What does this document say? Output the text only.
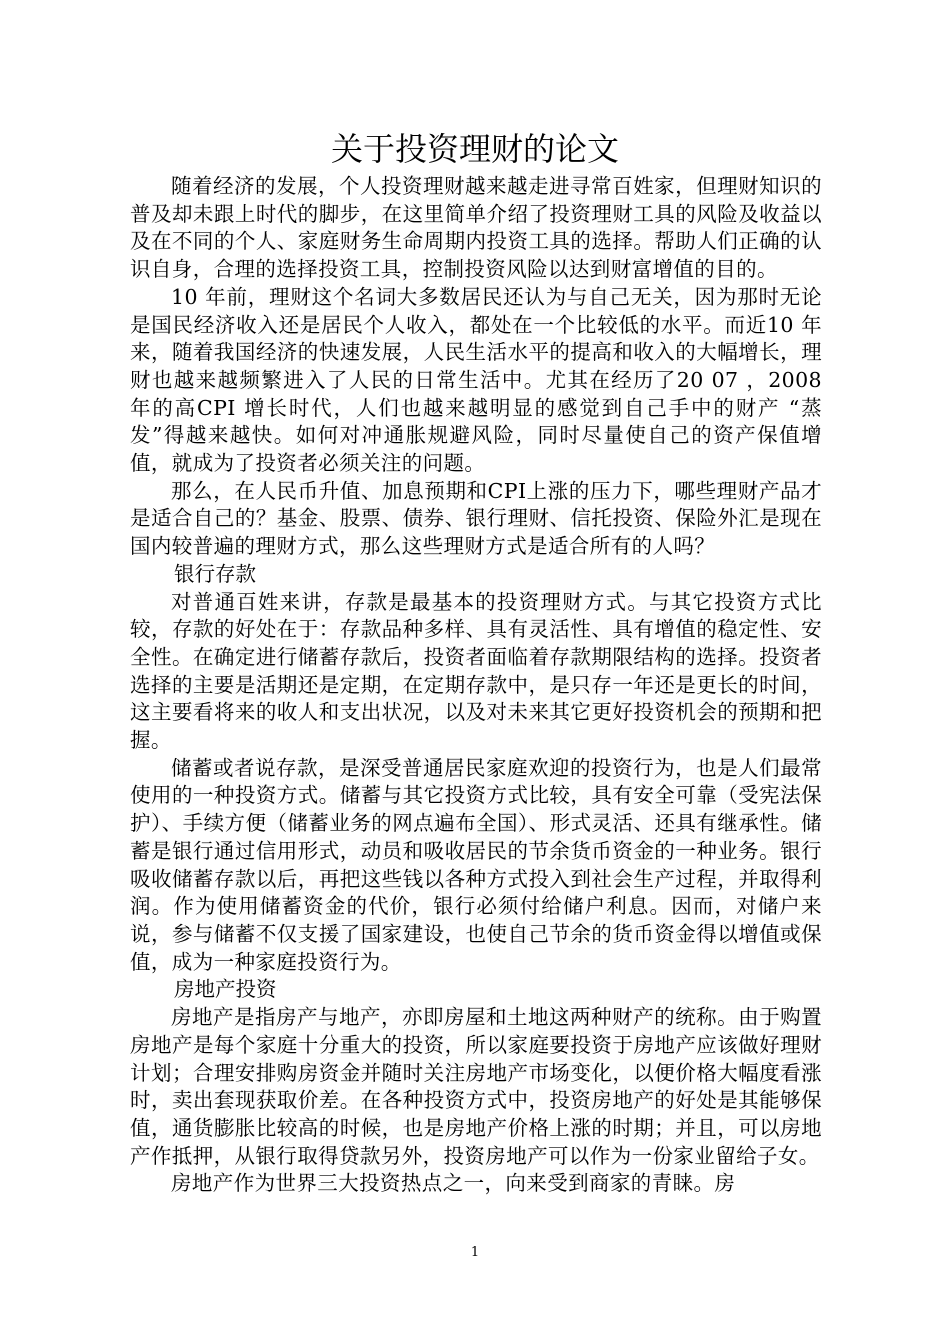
关于投资理财的论文

随着经济的发展，个人投资理财越来越走进寻常百姓家，但理财知识的普及却未跟上时代的脚步，在这里简单介绍了投资理财工具的风险及收益以及在不同的个人、家庭财务生命周期内投资工具的选择。帮助人们正确的认识自身，合理的选择投资工具，控制投资风险以达到财富增值的目的。

10 年前，理财这个名词大多数居民还认为与自己无关，因为那时无论是国民经济收入还是居民个人收入，都处在一个比较低的水平。而近10 年来，随着我国经济的快速发展，人民生活水平的提高和收入的大幅增长，理财也越来越频繁进入了人民的日常生活中。尤其在经历了20 07 ，2008 年的高CPI 增长时代，人们也越来越明显的感觉到自己手中的财产 “蒸发”得越来越快。如何对冲通胀规避风险，同时尽量使自己的资产保值增值，就成为了投资者必须关注的问题。

那么，在人民币升值、加息预期和CPI上涨的压力下，哪些理财产品才是适合自己的？基金、股票、债券、银行理财、信托投资、保险外汇是现在国内较普遍的理财方式，那么这些理财方式是适合所有的人吗？

银行存款

对普通百姓来讲，存款是最基本的投资理财方式。与其它投资方式比较，存款的好处在于：存款品种多样、具有灵活性、具有增值的稳定性、安全性。在确定进行储蓄存款后，投资者面临着存款期限结构的选择。投资者选择的主要是活期还是定期，在定期存款中，是只存一年还是更长的时间，这主要看将来的收人和支出状况，以及对未来其它更好投资机会的预期和把握。

储蓄或者说存款，是深受普通居民家庭欢迎的投资行为，也是人们最常使用的一种投资方式。储蓄与其它投资方式比较，具有安全可靠（受宪法保护）、手续方便（储蓄业务的网点遍布全国）、形式灵活、还具有继承性。储蓄是银行通过信用形式，动员和吸收居民的节余货币资金的一种业务。银行吸收储蓄存款以后，再把这些钱以各种方式投入到社会生产过程，并取得利润。作为使用储蓄资金的代价，银行必须付给储户利息。因而，对储户来说，参与储蓄不仅支援了国家建设，也使自己节余的货币资金得以增值或保值，成为一种家庭投资行为。

房地产投资

房地产是指房产与地产，亦即房屋和土地这两种财产的统称。由于购置房地产是每个家庭十分重大的投资，所以家庭要投资于房地产应该做好理财计划；合理安排购房资金并随时关注房地产市场变化，以便价格大幅度看涨时，卖出套现获取价差。在各种投资方式中，投资房地产的好处是其能够保值，通货膨胀比较高的时候，也是房地产价格上涨的时期；并且，可以房地产作抵押，从银行取得贷款另外，投资房地产可以作为一份家业留给子女。

房地产作为世界三大投资热点之一，向来受到商家的青睐。房

1
